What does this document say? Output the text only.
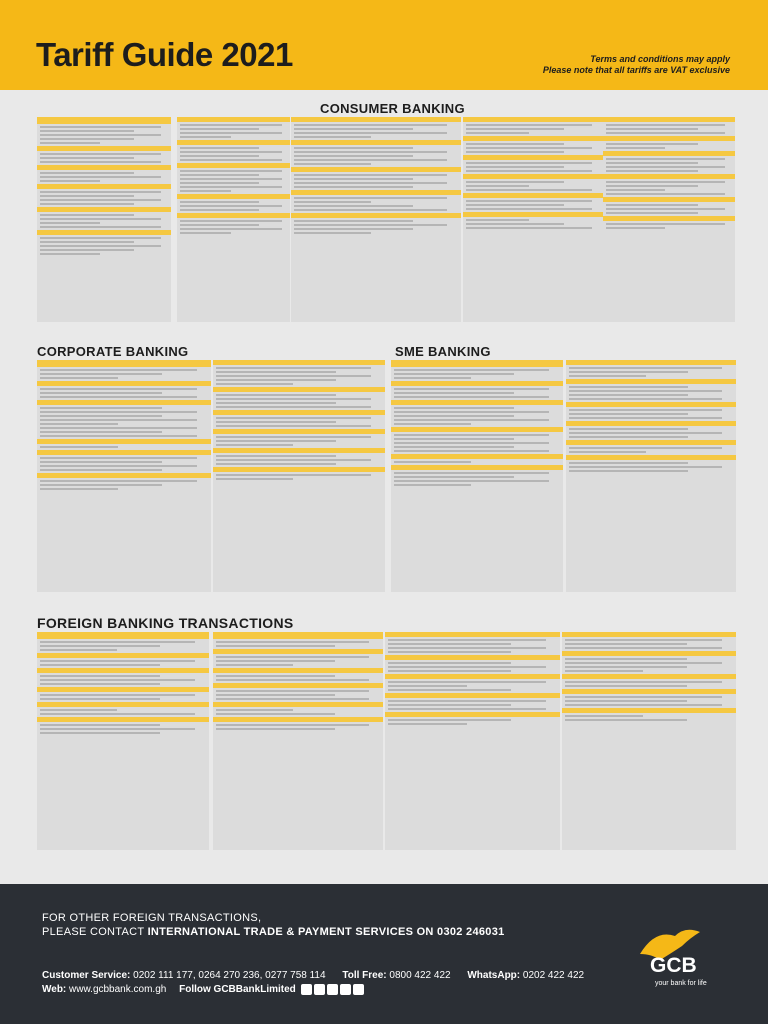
Tariff Guide 2021	Terms and conditions may apply
Please note that all tariffs are VAT exclusive
CONSUMER BANKING
CORPORATE BANKING	SME BANKING
FOREIGN BANKING TRANSACTIONS
FOR OTHER FOREIGN TRANSACTIONS,
PLEASE CONTACT INTERNATIONAL TRADE & PAYMENT SERVICES ON 0302 246031
Customer Service: 0202 111 177, 0264 270 236, 0277 758 114 Toll Free: 0800 422 422 WhatsApp: 0202 422 422
Web: www.gcbbank.com.gh Follow GCBBankLimited
GCB
your bank for life
